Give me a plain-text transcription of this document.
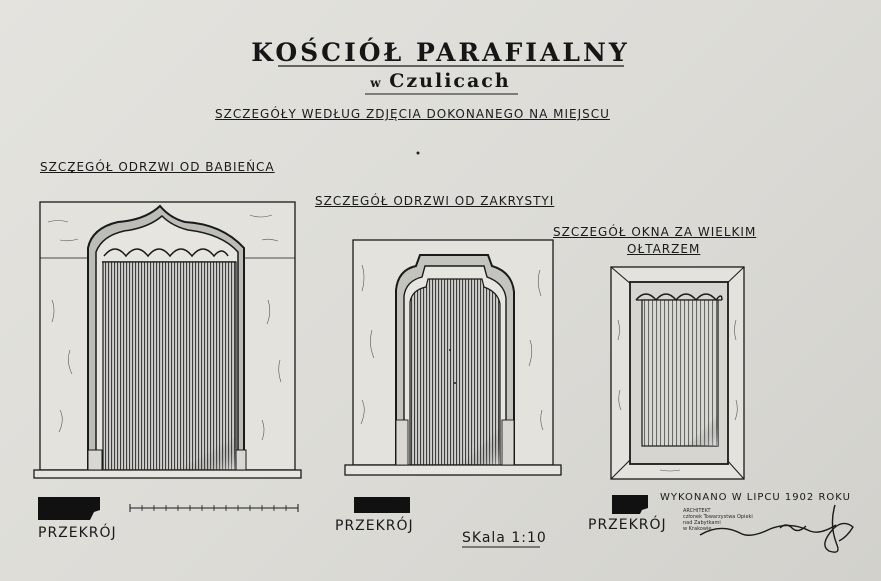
KOŚCIÓŁ PARAFIALNY
w Czulicach
SZCZEGÓŁY WEDŁUG ZDJĘCIA DOKONANEGO NA MIEJSCU
SZCZEGÓŁ ODRZWI OD BABIEŃCA
SZCZEGÓŁ ODRZWI OD ZAKRYSTYI
SZCZEGÓŁ OKNA ZA WIELKIM
OŁTARZEM
PRZEKRÓJ	PRZEKRÓJ	PRZEKRÓJ
SKala 1:10
WYKONANO W LIPCU 1902 ROKU
ARCHITEKT
członek Towarzystwa Opieki
nad Zabytkami
w Krakowie
